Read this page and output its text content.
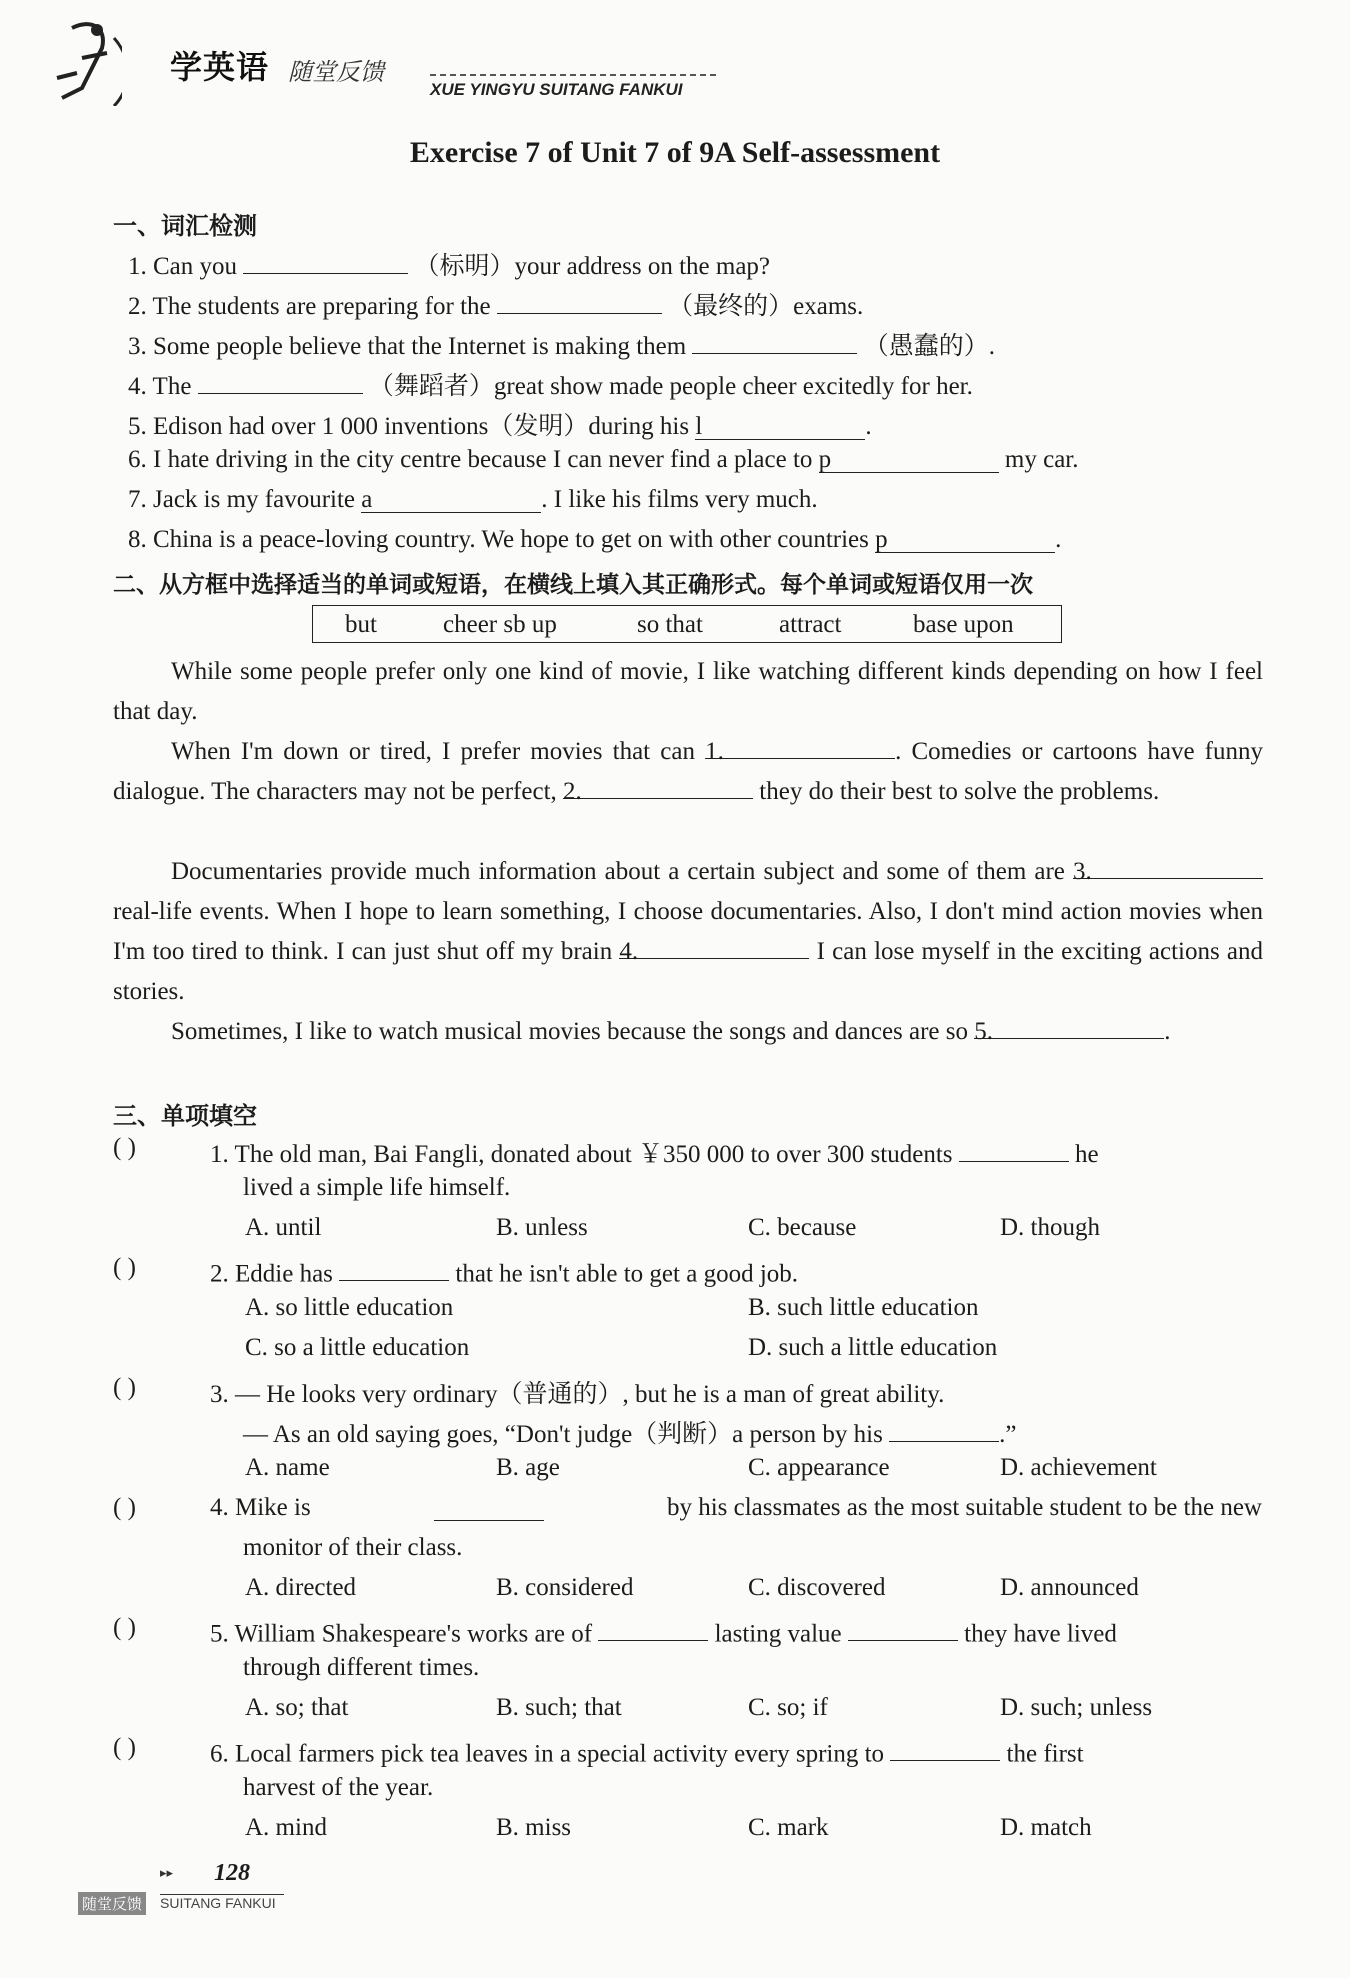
学英语 随堂反馈
XUE YINGYU SUITANG FANKUI
Exercise 7 of Unit 7 of 9A Self-assessment
一、词汇检测
1. Can you	（标明）your address on the map?
2. The students are preparing for the	（最终的）exams.
3. Some people believe that the Internet is making them	（愚蠢的）.
4. The	（舞蹈者）great show made people cheer excitedly for her.
5. Edison had over 1 000 inventions（发明）during his l	.
6. I hate driving in the city centre because I can never find a place to p	my car.
7. Jack is my favourite a	. I like his films very much.
8. China is a peace-loving country. We hope to get on with other countries p	.
二、从方框中选择适当的单词或短语，在横线上填入其正确形式。每个单词或短语仅用一次
but	cheer sb up	so that	attract	base upon
While some people prefer only one kind of movie, I like watching different kinds depending on how I feel that day.
When I'm down or tired, I prefer movies that can 1.	. Comedies or cartoons have funny dialogue. The characters may not be perfect, 2.	they do their best to solve the problems.
Documentaries provide much information about a certain subject and some of them are 3. real-life events. When I hope to learn something, I choose documentaries. Also, I don't mind action movies when I'm too tired to think. I can just shut off my brain 4.	I can lose myself in the exciting actions and stories.
Sometimes, I like to watch musical movies because the songs and dances are so 5.	.
三、单项填空
( )	1. The old man, Bai Fangli, donated about ￥350 000 to over 300 students	he
lived a simple life himself.
A. until	B. unless	C. because	D. though
( )	2. Eddie has	that he isn't able to get a good job.
A. so little education	B. such little education
C. so a little education	D. such a little education
( )	3. — He looks very ordinary（普通的）, but he is a man of great ability.
— As an old saying goes, “Don't judge（判断）a person by his	.”
A. name	B. age	C. appearance	D. achievement
( )	4. Mike is	by his classmates as the most suitable student to be the new
monitor of their class.
A. directed	B. considered	C. discovered	D. announced
( )	5. William Shakespeare's works are of	lasting value	they have lived
through different times.
A. so; that	B. such; that	C. so; if	D. such; unless
( )	6. Local farmers pick tea leaves in a special activity every spring to	the first
harvest of the year.
A. mind	B. miss	C. mark	D. match
▸▸ 128
随堂反馈 SUITANG FANKUI
